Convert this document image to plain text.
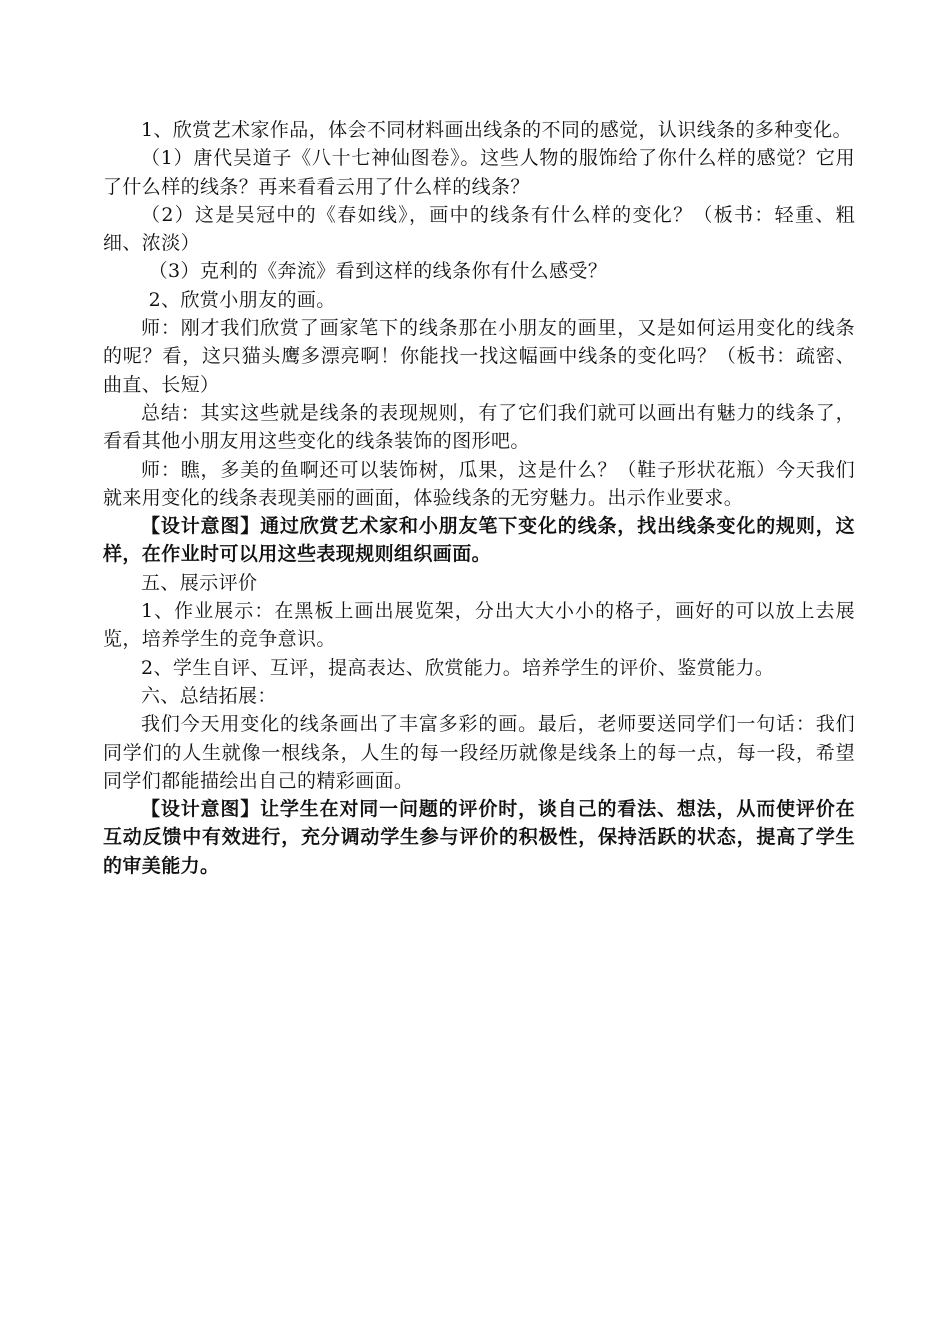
1、欣赏艺术家作品，体会不同材料画出线条的不同的感觉，认识线条的多种变化。

（1）唐代吴道子《八十七神仙图卷》。这些人物的服饰给了你什么样的感觉？它用了什么样的线条？再来看看云用了什么样的线条？

（2）这是吴冠中的《春如线》，画中的线条有什么样的变化？（板书：轻重、粗细、浓淡）

（3）克利的《奔流》看到这样的线条你有什么感受？

2、欣赏小朋友的画。

师：刚才我们欣赏了画家笔下的线条那在小朋友的画里，又是如何运用变化的线条的呢？看，这只猫头鹰多漂亮啊！你能找一找这幅画中线条的变化吗？（板书：疏密、曲直、长短）

总结：其实这些就是线条的表现规则，有了它们我们就可以画出有魅力的线条了，看看其他小朋友用这些变化的线条装饰的图形吧。

师：瞧，多美的鱼啊还可以装饰树，瓜果，这是什么？（鞋子形状花瓶）今天我们就来用变化的线条表现美丽的画面，体验线条的无穷魅力。出示作业要求。

【设计意图】通过欣赏艺术家和小朋友笔下变化的线条，找出线条变化的规则，这样，在作业时可以用这些表现规则组织画面。

五、展示评价

1、作业展示：在黑板上画出展览架，分出大大小小的格子，画好的可以放上去展览，培养学生的竞争意识。

2、学生自评、互评，提高表达、欣赏能力。培养学生的评价、鉴赏能力。

六、总结拓展：

我们今天用变化的线条画出了丰富多彩的画。最后，老师要送同学们一句话：我们同学们的人生就像一根线条，人生的每一段经历就像是线条上的每一点，每一段，希望同学们都能描绘出自己的精彩画面。

【设计意图】让学生在对同一问题的评价时，谈自己的看法、想法，从而使评价在互动反馈中有效进行，充分调动学生参与评价的积极性，保持活跃的状态，提高了学生的审美能力。
